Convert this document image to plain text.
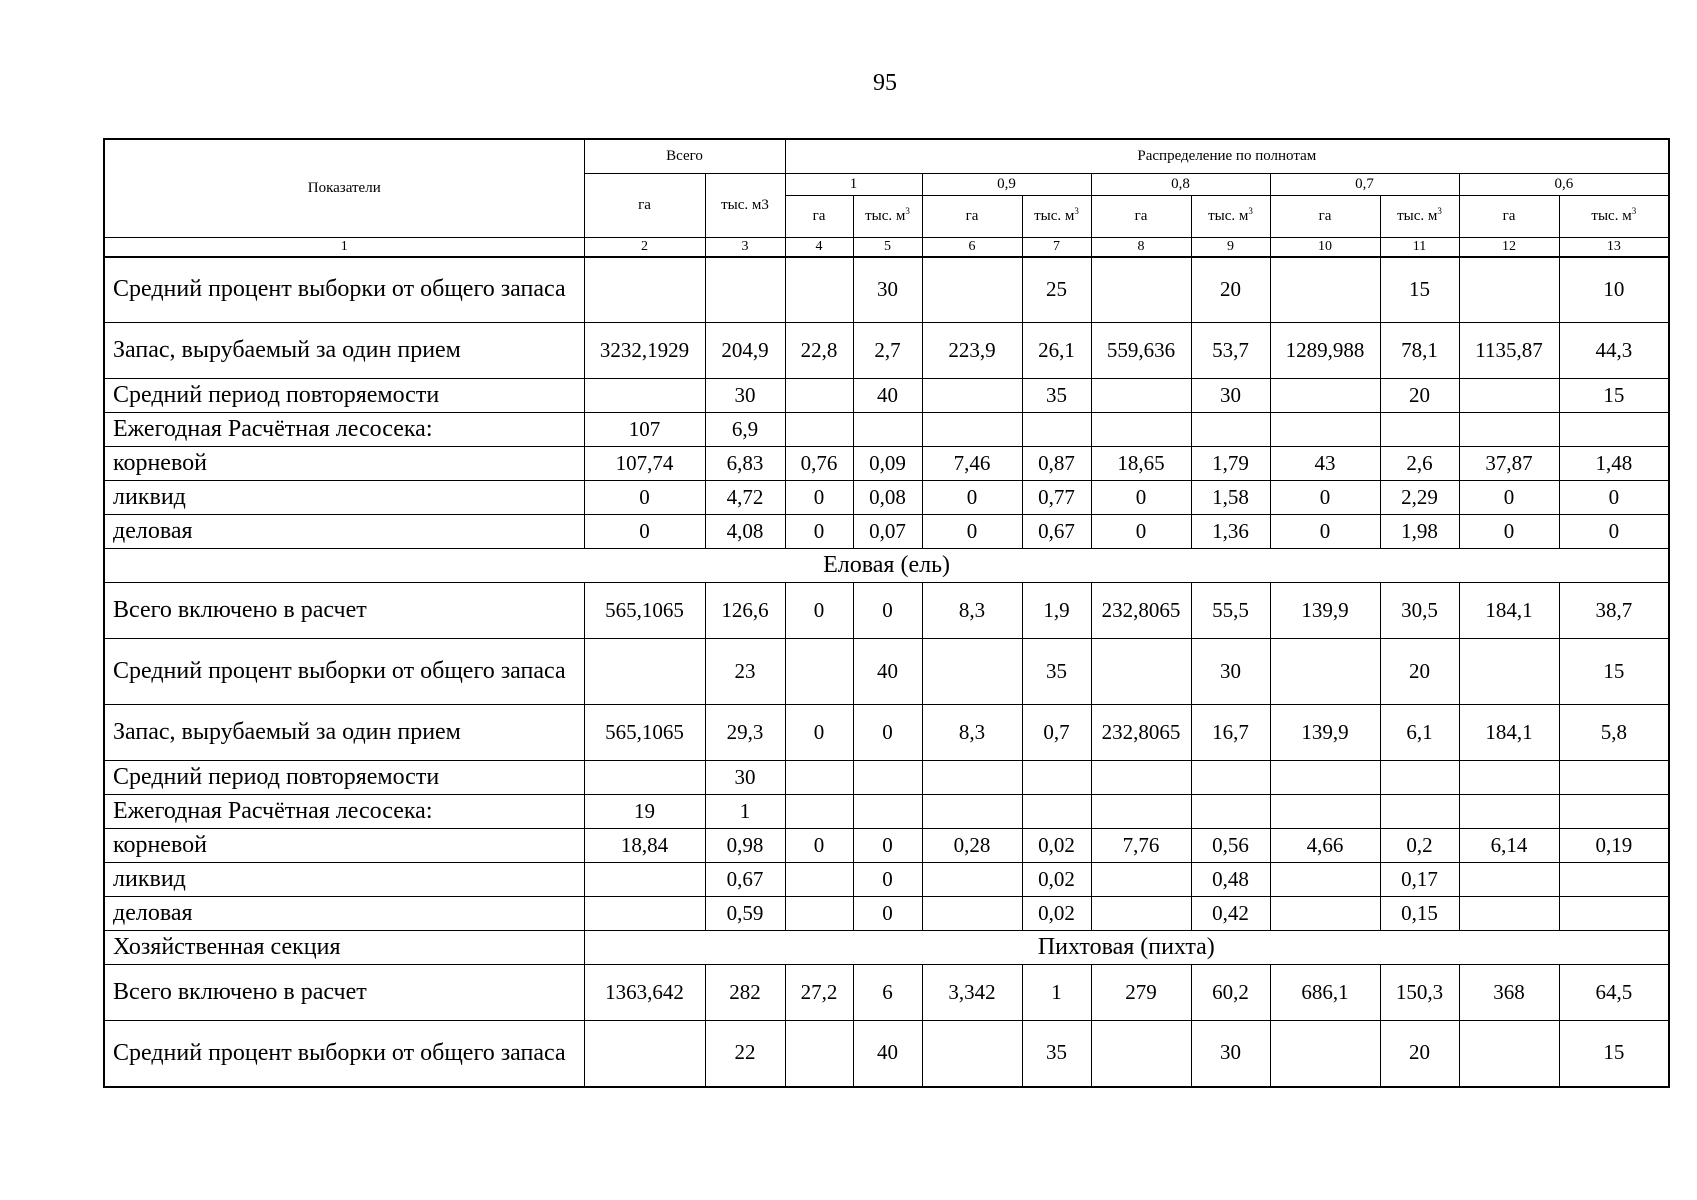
95
Показатели	Всего		Распределение по полнотам									
	га	тыс. м3	1		0,9		0,8		0,7		0,6	
			га	тыс. $м^3$	га	тыс. $м^3$	га	тыс. $м^3$	га	тыс. $м^3$	га	тыс. $м^3$
1	2	3	4	5	6	7	8	9	10	11	12	13
Средний процент выборки от общего запаса				30		25		20		15		10
Запас, вырубаемый за один прием	3232,1929	204,9	22,8	2,7	223,9	26,1	559,636	53,7	1289,988	78,1	1135,87	44,3
Средний период повторяемости		30		40		35		30		20		15
Ежегодная Расчётная лесосека:	107	6,9										
корневой	107,74	6,83	0,76	0,09	7,46	0,87	18,65	1,79	43	2,6	37,87	1,48
ликвид	0	4,72	0	0,08	0	0,77	0	1,58	0	2,29	0	0
деловая	0	4,08	0	0,07	0	0,67	0	1,36	0	1,98	0	0
Еловая (ель)												
Всего включено в расчет	565,1065	126,6	0	0	8,3	1,9	232,8065	55,5	139,9	30,5	184,1	38,7
Средний процент выборки от общего запаса		23		40		35		30		20		15
Запас, вырубаемый за один прием	565,1065	29,3	0	0	8,3	0,7	232,8065	16,7	139,9	6,1	184,1	5,8
Средний период повторяемости		30										
Ежегодная Расчётная лесосека:	19	1										
корневой	18,84	0,98	0	0	0,28	0,02	7,76	0,56	4,66	0,2	6,14	0,19
ликвид		0,67		0		0,02		0,48		0,17		
деловая		0,59		0		0,02		0,42		0,15		
Хозяйственная секция	Пихтовая (пихта)											
Всего включено в расчет	1363,642	282	27,2	6	3,342	1	279	60,2	686,1	150,3	368	64,5
Средний процент выборки от общего запаса		22		40		35		30		20		15
